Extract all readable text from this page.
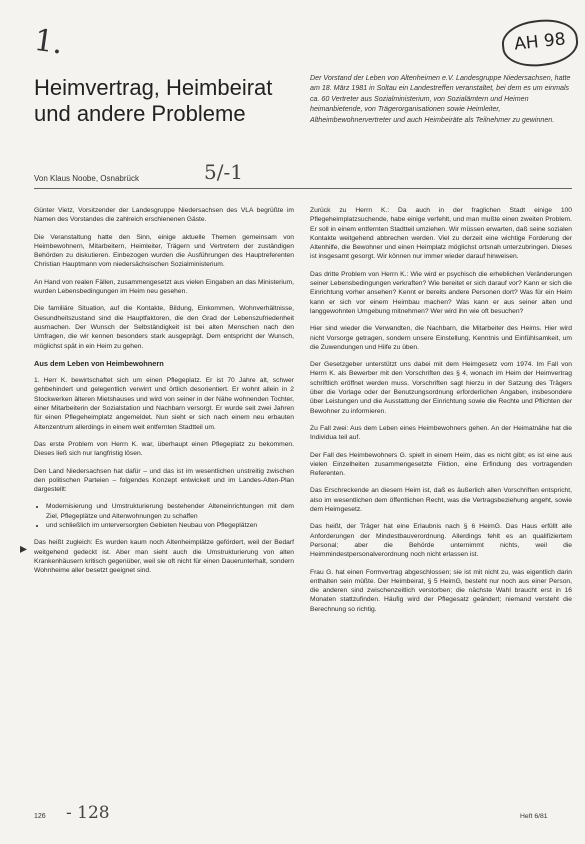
1.	AH 98
Heimvertrag, Heimbeirat und andere Probleme
Von Klaus Noobe, Osnabrück	5/-1
Der Vorstand der Leben von Altenheimen e.V. Landesgruppe Niedersachsen, hatte am 18. März 1981 in Soltau ein Landestreffen veranstaltet, bei dem es um einmals ca. 60 Vertreter aus Sozialministerium, von Sozialämtern und Heimen heimanbietende, von Trägerorganisationen sowie Heimleiter, Altheimbewohnervertreter und auch Heimbeiräte als Teilnehmer zu gewinnen.

Günter Vietz, Vorsitzender der Landesgruppe Niedersachsen des VLA begrüßte im Namen des Vorstandes die zahlreich erschienenen Gäste.

Die Veranstaltung hatte den Sinn, einige aktuelle Themen gemeinsam von Heimbewohnern, Mitarbeitern, Heimleiter, Trägern und Vertretern der zuständigen Behörden zu diskutieren. Einbezogen wurden die Ausführungen des Hauptreferenten Christian Hauptmann vom niedersächsischen Sozialministerium.

An Hand von realen Fällen, zusammengesetzt aus vielen Eingaben an das Ministerium, wurden Lebensbedingungen im Heim neu gesehen.

Die familiäre Situation, auf die Kontakte, Bildung, Einkommen, Wohnverhältnisse, Gesundheitszustand sind die Hauptfaktoren, die den Grad der Lebenszufriedenheit ausmachen. Der Wunsch der Selbständigkeit ist bei alten Menschen nach den Umfragen, die wir kennen besonders stark ausgeprägt. Dem entspricht der Wunsch, möglichst spät in ein Heim zu gehen.

Aus dem Leben von Heimbewohnern

1. Herr K. bewirtschaftet sich um einen Pflegeplatz. Er ist 70 Jahre alt, schwer gehbehindert und gelegentlich verwirrt und örtlich desorientiert. Er wohnt allein in 2 Stockwerken älteren Mietshauses und wird von seiner in der Nähe wohnenden Tochter, einer Mitarbeiterin der Sozialstation und Nachbarn versorgt. Er wurde seit zwei Jahren für einen Pflegeheimplatz angemeldet. Nun sieht er sich nach einem neu erbauten Altenzentrum allerdings in einem weit entfernten Stadtteil um.

Das erste Problem von Herrn K. war, überhaupt einen Pflegeplatz zu bekommen. Dieses ließ sich nur langfristig lösen.

Den Land Niedersachsen hat dafür – und das ist im wesentlichen unstreitig zwischen den politischen Parteien – folgendes Konzept entwickelt und im Landes-Alten-Plan dargestellt:

• Modernisierung und Umstrukturierung bestehender Alteneinrichtungen mit dem Ziel, Pflegeplätze und Altenwohnungen zu schaffen
• und schließlich im unterversorgten Gebieten Neubau von Pflegeplätzen

Das heißt zugleich: Es wurden kaum noch Altenheimplätze gefördert, weil der Bedarf weitgehend gedeckt ist. Aber man sieht auch die Umstrukturierung von alten Krankenhäusern kritisch gegenüber, weil sie oft nicht für einen Dauerunterhalt, sondern Wohnheime aller besetzt geeignet sind.

▸

Zurück zu Herrn K.: Da auch in der fraglichen Stadt einige 100 Pflegeheimplatzsuchende, habe einige verfehlt, und man mußte einen zweiten Problem. Er soll in einem entfernten Stadtteil umziehen. Wir müssen erwarten, daß seine sozialen Kontakte weitgehend abbrechen werden. Viel zu derzeit eine wichtige Forderung der Altenhilfe, die Bewohner und einen Heimplatz möglichst ortsnah unterzubringen. Dieses ist insgesamt gesorgt. Wir können nur immer wieder darauf hinweisen.

Das dritte Problem von Herrn K.: Wie wird er psychisch die erheblichen Veränderungen seiner Lebensbedingungen verkraften? Wie bereitet er sich darauf vor? Kann er sich die Einrichtung vorher ansehen? Kennt er bereits andere Personen dort? Was für ein Heim kann er sich vor einem Heimbau machen? Was kann er aus seiner alten und langgewohnten Umgebung mitnehmen? Wer wird ihn wie oft besuchen?

Hier sind wieder die Verwandten, die Nachbarn, die Mitarbeiter des Heims. Hier wird nicht Vorsorge getragen, sondern unsere Einstellung, Kenntnis und Einfühlsamkeit, um die Zuwendungen und Hilfe zu üben.

Der Gesetzgeber unterstützt uns dabei mit dem Heimgesetz vom 1974. Im Fall von Herrn K. als Bewerber mit den Vorschriften des § 4, wonach im Heim der Heimvertrag schriftlich eröffnet werden muss. Vorschriften sagt hierzu in der Satzung des Trägers über die Vorlage oder der Benutzungsordnung erforderlichen Angaben, insbesondere über Leistungen und die Ausstattung der Einrichtung sowie die Rechte und Pflichten der Bewohner zu informieren.

Zu Fall zwei: Aus dem Leben eines Heimbewohners gehen. An der Heimatnähe hat die Individua teil auf.

Der Fall des Heimbewohners G. spielt in einem Heim, das es nicht gibt; es ist eine aus vielen Einzelheiten zusammengesetzte Fiktion, eine Erfindung des vortragenden Referenten.

Das Erschreckende an diesem Heim ist, daß es äußerlich allen Vorschriften entspricht, also im wesentlichen dem öffentlichen Recht, was die Vertragsbeziehung angeht, sowie dem Heimgesetz.

Das heißt, der Träger hat eine Erlaubnis nach § 6 HeimG. Das Haus erfüllt alle Anforderungen der Mindestbauverordnung. Allerdings fehlt es an qualifiziertem Personal; aber die Behörde unternimmt nichts, weil die Heimmindestpersonalverordnung noch nicht erlassen ist.

Frau G. hat einen Formvertrag abgeschlossen; sie ist mit nicht zu, was eigentlich darin enthalten sein müßte. Der Heimbeirat, § 5 HeimG, besteht nur noch aus einer Person, die anderen sind zwischenzeitlich verstorben; die nächste Wahl braucht erst in 16 Monaten stattzufinden. Häufig wird der Pflegesatz geändert; niemand versteht die Berechnung so richtig.

126 - 128	Heft 6/81
